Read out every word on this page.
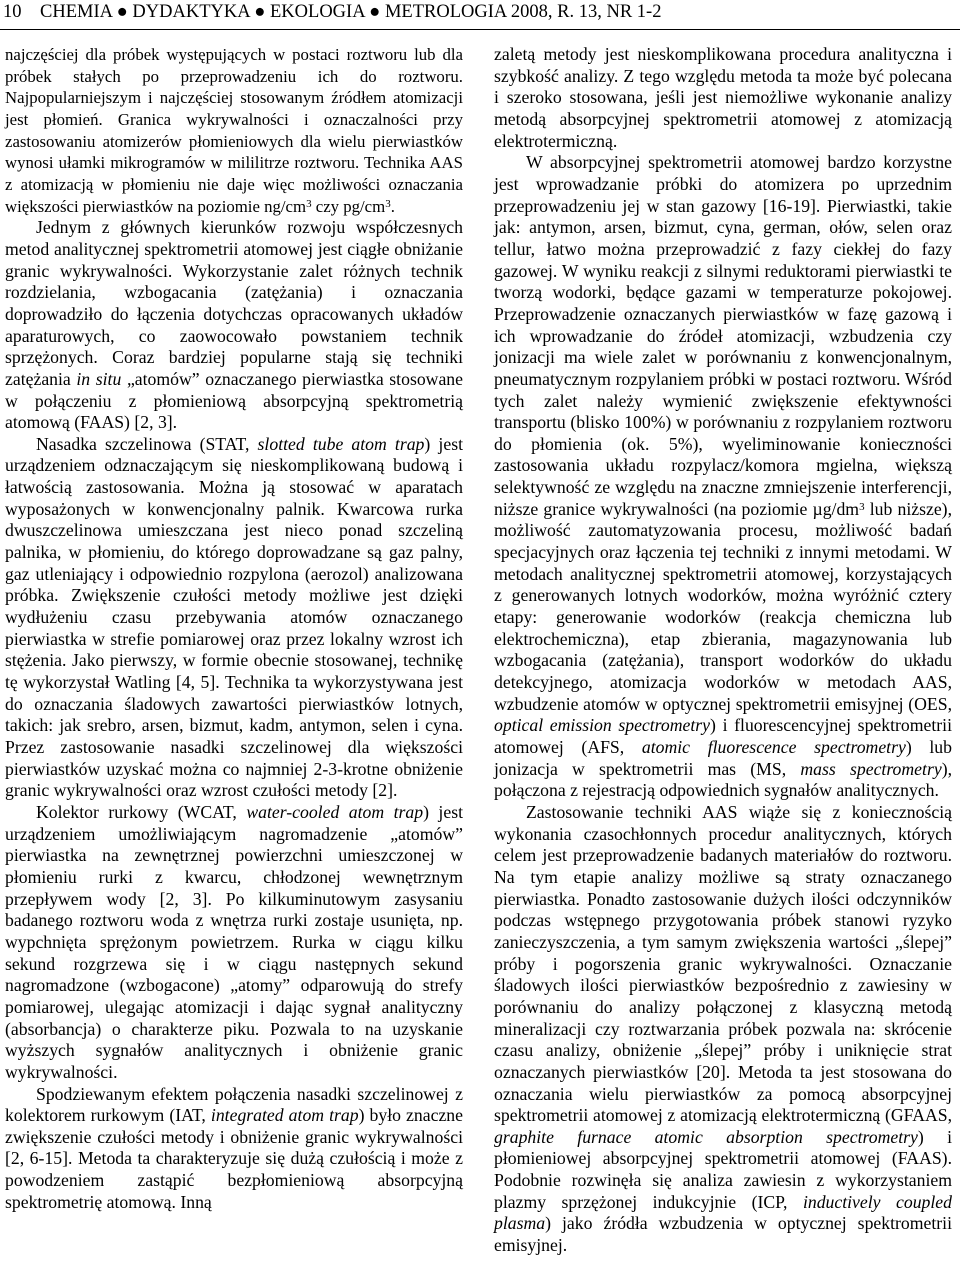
10 CHEMIA ● DYDAKTYKA ● EKOLOGIA ● METROLOGIA 2008, R. 13, NR 1-2

najczęściej dla próbek występujących w postaci roztworu lub dla próbek stałych po przeprowadzeniu ich do roztworu. Najpopularniejszym i najczęściej stosowanym źródłem atomizacji jest płomień. Granica wykrywalności i oznaczalności przy zastosowaniu atomizerów płomieniowych dla wielu pierwiastków wynosi ułamki mikrogramów w mililitrze roztworu. Technika AAS z atomizacją w płomieniu nie daje więc możliwości oznaczania większości pierwiastków na poziomie $ng/cm^3$ czy $pg/cm^3$.

Jednym z głównych kierunków rozwoju współczesnych metod analitycznej spektrometrii atomowej jest ciągłe obniżanie granic wykrywalności. Wykorzystanie zalet różnych technik rozdzielania, wzbogacania (zatężania) i oznaczania doprowadziło do łączenia dotychczas opracowanych układów aparaturowych, co zaowocowało powstaniem technik sprzężonych. Coraz bardziej popularne stają się techniki zatężania in situ „atomów” oznaczanego pierwiastka stosowane w połączeniu z płomieniową absorpcyjną spektrometrią atomową (FAAS) [2, 3].

Nasadka szczelinowa (STAT, slotted tube atom trap) jest urządzeniem odznaczającym się nieskomplikowaną budową i łatwością zastosowania. Można ją stosować w aparatach wyposażonych w konwencjonalny palnik. Kwarcowa rurka dwuszczelinowa umieszczana jest nieco ponad szczeliną palnika, w płomieniu, do którego doprowadzane są gaz palny, gaz utleniający i odpowiednio rozpylona (aerozol) analizowana próbka. Zwiększenie czułości metody możliwe jest dzięki wydłużeniu czasu przebywania atomów oznaczanego pierwiastka w strefie pomiarowej oraz przez lokalny wzrost ich stężenia. Jako pierwszy, w formie obecnie stosowanej, technikę tę wykorzystał Watling [4, 5]. Technika ta wykorzystywana jest do oznaczania śladowych zawartości pierwiastków lotnych, takich: jak srebro, arsen, bizmut, kadm, antymon, selen i cyna. Przez zastosowanie nasadki szczelinowej dla większości pierwiastków uzyskać można co najmniej 2-3-krotne obniżenie granic wykrywalności oraz wzrost czułości metody [2].

Kolektor rurkowy (WCAT, water-cooled atom trap) jest urządzeniem umożliwiającym nagromadzenie „atomów” pierwiastka na zewnętrznej powierzchni umieszczonej w płomieniu rurki z kwarcu, chłodzonej wewnętrznym przepływem wody [2, 3]. Po kilkuminutowym zasysaniu badanego roztworu woda z wnętrza rurki zostaje usunięta, np. wypchnięta sprężonym powietrzem. Rurka w ciągu kilku sekund rozgrzewa się i w ciągu następnych sekund nagromadzone (wzbogacone) „atomy” odparowują do strefy pomiarowej, ulegając atomizacji i dając sygnał analityczny (absorbancja) o charakterze piku. Pozwala to na uzyskanie wyższych sygnałów analitycznych i obniżenie granic wykrywalności.

Spodziewanym efektem połączenia nasadki szczelinowej z kolektorem rurkowym (IAT, integrated atom trap) było znaczne zwiększenie czułości metody i obniżenie granic wykrywalności [2, 6-15]. Metoda ta charakteryzuje się dużą czułością i może z powodzeniem zastąpić bezpłomieniową absorpcyjną spektrometrię atomową. Inną

zaletą metody jest nieskomplikowana procedura analityczna i szybkość analizy. Z tego względu metoda ta może być polecana i szeroko stosowana, jeśli jest niemożliwe wykonanie analizy metodą absorpcyjnej spektrometrii atomowej z atomizacją elektrotermiczną.

W absorpcyjnej spektrometrii atomowej bardzo korzystne jest wprowadzanie próbki do atomizera po uprzednim przeprowadzeniu jej w stan gazowy [16-19]. Pierwiastki, takie jak: antymon, arsen, bizmut, cyna, german, ołów, selen oraz tellur, łatwo można przeprowadzić z fazy ciekłej do fazy gazowej. W wyniku reakcji z silnymi reduktorami pierwiastki te tworzą wodorki, będące gazami w temperaturze pokojowej. Przeprowadzenie oznaczanych pierwiastków w fazę gazową i ich wprowadzanie do źródeł atomizacji, wzbudzenia czy jonizacji ma wiele zalet w porównaniu z konwencjonalnym, pneumatycznym rozpylaniem próbki w postaci roztworu. Wśród tych zalet należy wymienić zwiększenie efektywności transportu (blisko 100%) w porównaniu z rozpylaniem roztworu do płomienia (ok. 5%), wyeliminowanie konieczności zastosowania układu rozpylacz/komora mgielna, większą selektywność ze względu na znaczne zmniejszenie interferencji, niższe granice wykrywalności (na poziomie $\mu g/dm^3$ lub niższe), możliwość zautomatyzowania procesu, możliwość badań specjacyjnych oraz łączenia tej techniki z innymi metodami. W metodach analitycznej spektrometrii atomowej, korzystających z generowanych lotnych wodorków, można wyróżnić cztery etapy: generowanie wodorków (reakcja chemiczna lub elektrochemiczna), etap zbierania, magazynowania lub wzbogacania (zatężania), transport wodorków do układu detekcyjnego, atomizacja wodorków w metodach AAS, wzbudzenie atomów w optycznej spektrometrii emisyjnej (OES, optical emission spectrometry) i fluorescencyjnej spektrometrii atomowej (AFS, atomic fluorescence spectrometry) lub jonizacja w spektrometrii mas (MS, mass spectrometry), połączona z rejestracją odpowiednich sygnałów analitycznych.

Zastosowanie techniki AAS wiąże się z koniecznością wykonania czasochłonnych procedur analitycznych, których celem jest przeprowadzenie badanych materiałów do roztworu. Na tym etapie analizy możliwe są straty oznaczanego pierwiastka. Ponadto zastosowanie dużych ilości odczynników podczas wstępnego przygotowania próbek stanowi ryzyko zanieczyszczenia, a tym samym zwiększenia wartości „ślepej” próby i pogorszenia granic wykrywalności. Oznaczanie śladowych ilości pierwiastków bezpośrednio z zawiesiny w porównaniu do analizy połączonej z klasyczną metodą mineralizacji czy roztwarzania próbek pozwala na: skrócenie czasu analizy, obniżenie „ślepej” próby i uniknięcie strat oznaczanych pierwiastków [20]. Metoda ta jest stosowana do oznaczania wielu pierwiastków za pomocą absorpcyjnej spektrometrii atomowej z atomizacją elektrotermiczną (GFAAS, graphite furnace atomic absorption spectrometry) i płomieniowej absorpcyjnej spektrometrii atomowej (FAAS). Podobnie rozwinęła się analiza zawiesin z wykorzystaniem plazmy sprzężonej indukcyjnie (ICP, inductively coupled plasma) jako źródła wzbudzenia w optycznej spektrometrii emisyjnej.
